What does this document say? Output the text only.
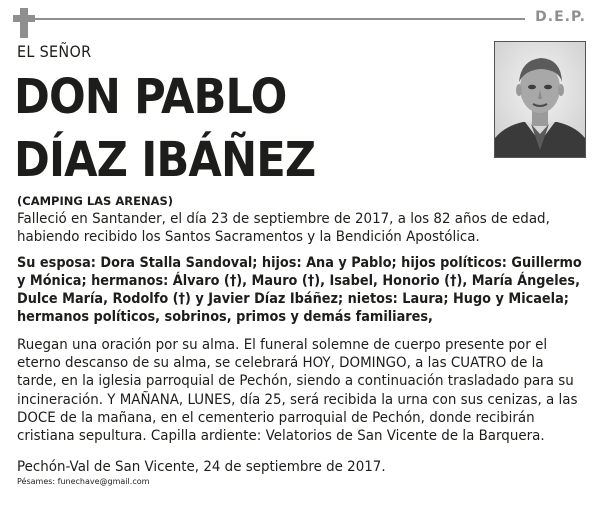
D.E.P.
EL SEÑOR
DON PABLO
DÍAZ IBÁÑEZ
(CAMPING LAS ARENAS)
Falleció en Santander, el día 23 de septiembre de 2017, a los 82 años de edad, habiendo recibido los Santos Sacramentos y la Bendición Apostólica.
Su esposa: Dora Stalla Sandoval; hijos: Ana y Pablo; hijos políticos: Guillermo y Mónica; hermanos: Álvaro (†), Mauro (†), Isabel, Honorio (†), María Ángeles, Dulce María, Rodolfo (†) y Javier Díaz Ibáñez; nietos: Laura; Hugo y Micaela; hermanos políticos, sobrinos, primos y demás familiares,
Ruegan una oración por su alma. El funeral solemne de cuerpo presente por el eterno descanso de su alma, se celebrará HOY, DOMINGO, a las CUATRO de la tarde, en la iglesia parroquial de Pechón, siendo a continuación trasladado para su incineración. Y MAÑANA, LUNES, día 25, será recibida la urna con sus cenizas, a las DOCE de la mañana, en el cementerio parroquial de Pechón, donde recibirán cristiana sepultura. Capilla ardiente: Velatorios de San Vicente de la Barquera.
Pechón-Val de San Vicente, 24 de septiembre de 2017.
Pésames: funechave@gmail.com
